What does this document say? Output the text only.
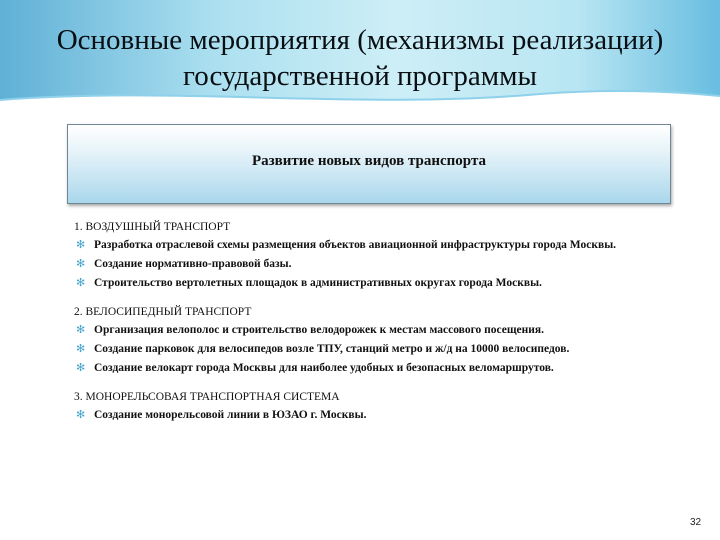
Основные мероприятия (механизмы реализации)
государственной программы
Развитие новых видов транспорта
1. ВОЗДУШНЫЙ ТРАНСПОРТ
✻ Разработка отраслевой схемы размещения объектов авиационной инфраструктуры города Москвы.
✻ Создание нормативно-правовой базы.
✻ Строительство вертолетных площадок в административных округах города Москвы.
2. ВЕЛОСИПЕДНЫЙ ТРАНСПОРТ
✻ Организация велополос и строительство велодорожек к местам массового посещения.
✻ Создание парковок для велосипедов возле ТПУ, станций метро и ж/д на 10000 велосипедов.
✻ Создание велокарт города Москвы для наиболее удобных и безопасных веломаршрутов.
3. МОНОРЕЛЬСОВАЯ ТРАНСПОРТНАЯ СИСТЕМА
✻ Создание монорельсовой линии в ЮЗАО г. Москвы.
32
